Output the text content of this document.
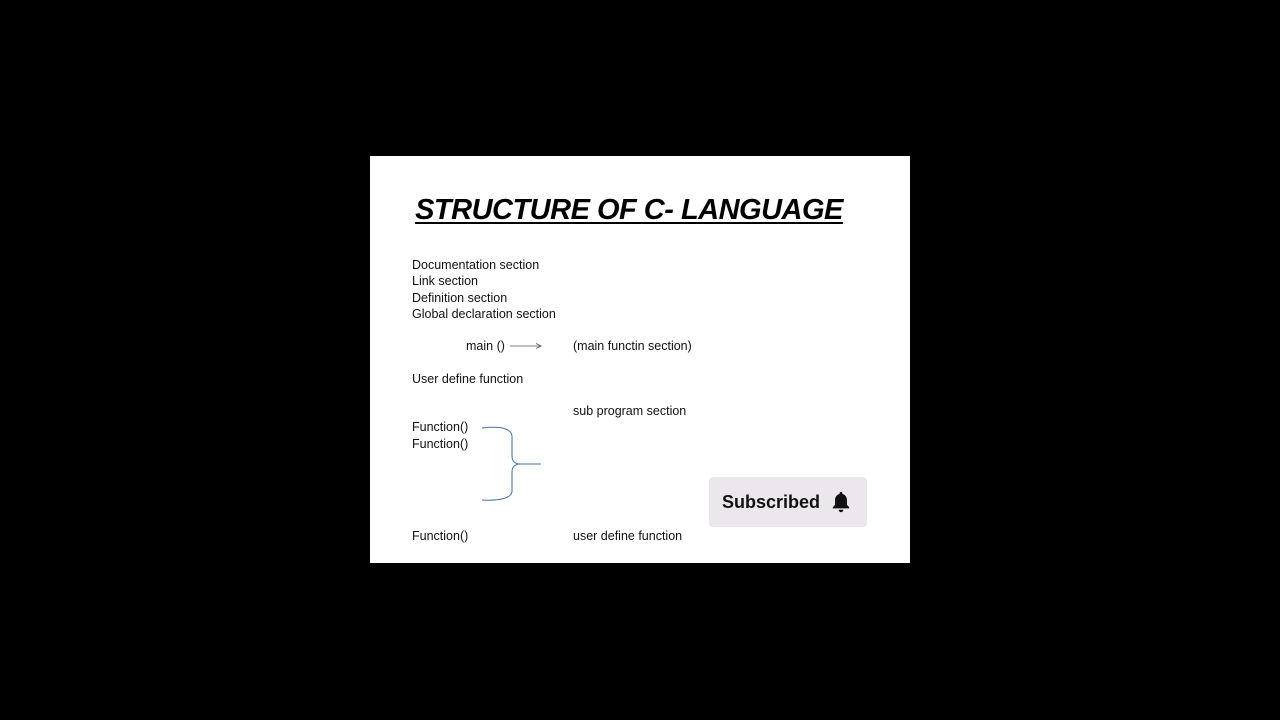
STRUCTURE OF C- LANGUAGE
Documentation section
Link section
Definition section
Global declaration section
main ()	(main functin section)
User define function
sub program section
Function()
Function()
Function()	user define function
Subscribed
